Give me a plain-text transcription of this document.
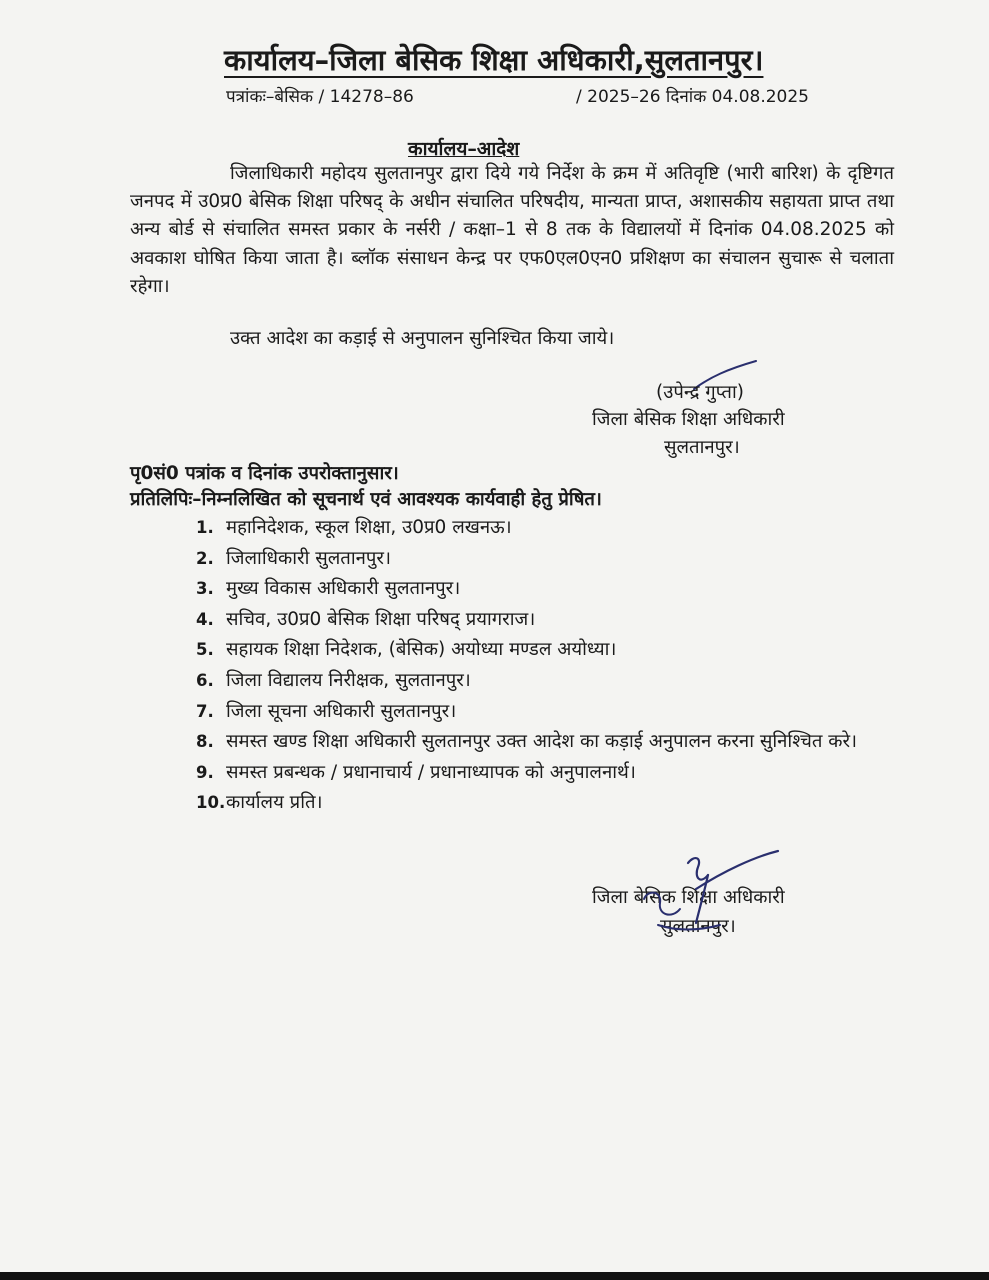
कार्यालय–जिला बेसिक शिक्षा अधिकारी,सुलतानपुर।
पत्रांकः–बेसिक / 14278–86	/ 2025–26 दिनांक 04.08.2025
कार्यालय–आदेश

जिलाधिकारी महोदय सुलतानपुर द्वारा दिये गये निर्देश के क्रम में अतिवृष्टि (भारी बारिश) के दृष्टिगत जनपद में उ0प्र0 बेसिक शिक्षा परिषद् के अधीन संचालित परिषदीय, मान्यता प्राप्त, अशासकीय सहायता प्राप्त तथा अन्य बोर्ड से संचालित समस्त प्रकार के नर्सरी / कक्षा–1 से 8 तक के विद्यालयों में दिनांक 04.08.2025 को अवकाश घोषित किया जाता है। ब्लॉक संसाधन केन्द्र पर एफ0एल0एन0 प्रशिक्षण का संचालन सुचारू से चलाता रहेगा।

उक्त आदेश का कड़ाई से अनुपालन सुनिश्चित किया जाये।
(उपेन्द्र गुप्ता)
जिला बेसिक शिक्षा अधिकारी
सुलतानपुर।
पृ0सं0 पत्रांक व दिनांक उपरोक्तानुसार।
प्रतिलिपिः–निम्नलिखित को सूचनार्थ एवं आवश्यक कार्यवाही हेतु प्रेषित।
1. महानिदेशक, स्कूल शिक्षा, उ0प्र0 लखनऊ।
2. जिलाधिकारी सुलतानपुर।
3. मुख्य विकास अधिकारी सुलतानपुर।
4. सचिव, उ0प्र0 बेसिक शिक्षा परिषद् प्रयागराज।
5. सहायक शिक्षा निदेशक, (बेसिक) अयोध्या मण्डल अयोध्या।
6. जिला विद्यालय निरीक्षक, सुलतानपुर।
7. जिला सूचना अधिकारी सुलतानपुर।
8. समस्त खण्ड शिक्षा अधिकारी सुलतानपुर उक्त आदेश का कड़ाई अनुपालन करना सुनिश्चित करे।
9. समस्त प्रबन्धक / प्रधानाचार्य / प्रधानाध्यापक को अनुपालनार्थ।
10. कार्यालय प्रति।
जिला बेसिक शिक्षा अधिकारी
सुलतानपुर।
